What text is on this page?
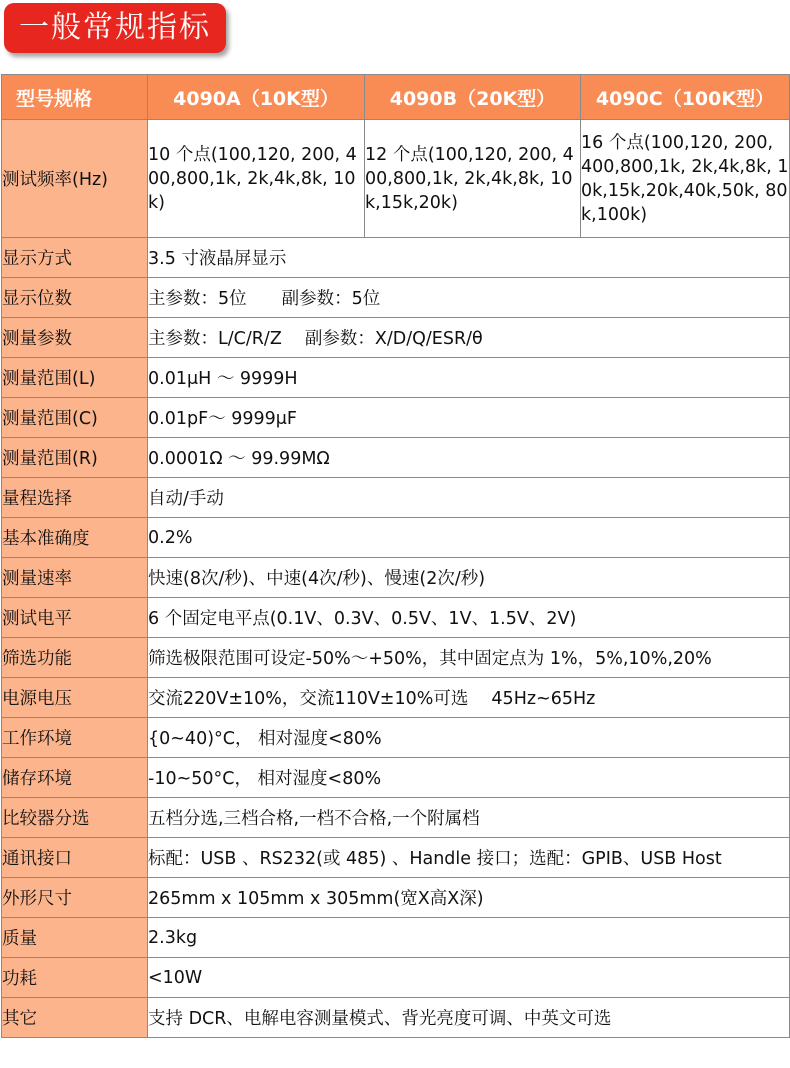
一般常规指标
型号规格	4090A（10K型）	4090B（20K型）	4090C（100K型）
测试频率(Hz)	10 个点(100,120, 200, 400,800,1k, 2k,4k,8k, 10k)	12 个点(100,120, 200, 400,800,1k, 2k,4k,8k, 10k,15k,20k)	16 个点(100,120, 200, 400,800,1k, 2k,4k,8k, 10k,15k,20k,40k,50k, 80k,100k)
显示方式	3.5 寸液晶屏显示		
显示位数	主参数：5位　　副参数：5位		
测量参数	主参数：L/C/R/Z　 副参数：X/D/Q/ESR/θ		
测量范围(L)	0.01μH ～ 9999H		
测量范围(C)	0.01pF～ 9999μF		
测量范围(R)	0.0001Ω ～ 99.99MΩ		
量程选择	自动/手动		
基本准确度	0.2%		
测量速率	快速(8次/秒)、中速(4次/秒)、慢速(2次/秒)		
测试电平	6 个固定电平点(0.1V、0.3V、0.5V、1V、1.5V、2V)		
筛选功能	筛选极限范围可设定-50%～+50%，其中固定点为 1%，5%,10%,20%		
电源电压	交流220V±10%，交流110V±10%可选　 45Hz~65Hz		
工作环境	{0~40)°C， 相对湿度<80%		
储存环境	-10~50°C， 相对湿度<80%		
比较器分选	五档分选,三档合格,一档不合格,一个附属档		
通讯接口	标配：USB 、RS232(或 485) 、Handle 接口；选配：GPIB、USB Host		
外形尺寸	265mm x 105mm x 305mm(宽X高X深)		
质量	2.3kg		
功耗	<10W		
其它	支持 DCR、电解电容测量模式、背光亮度可调、中英文可选		
